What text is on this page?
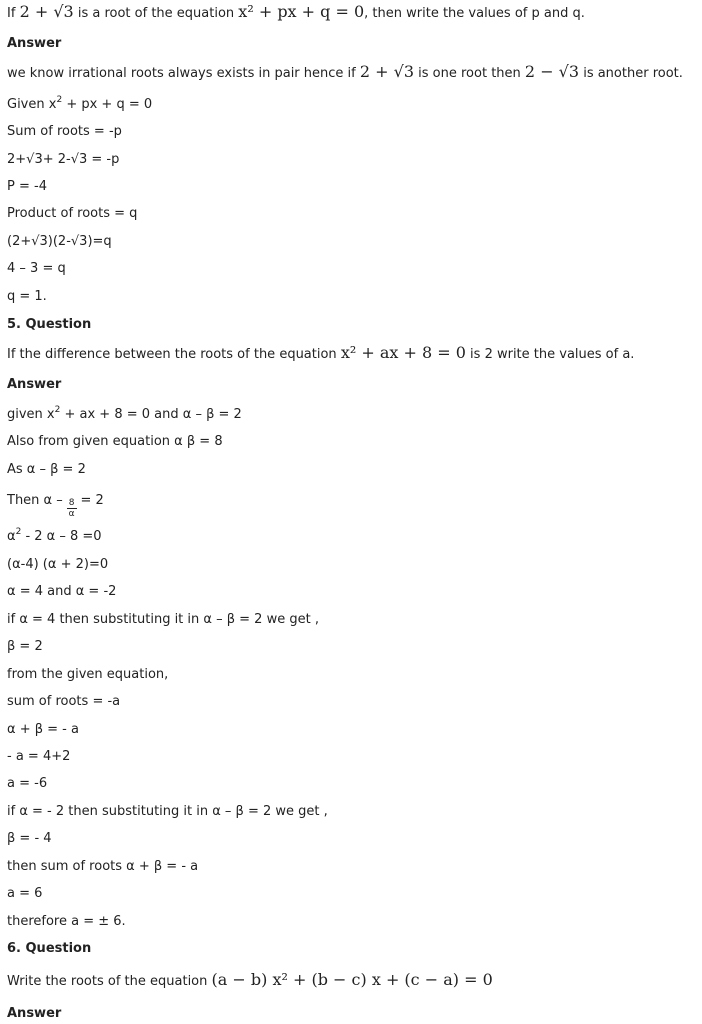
If 2 + √3 is a root of the equation x² + px + q = 0, then write the values of p and q.
Answer
we know irrational roots always exists in pair hence if 2 + √3 is one root then 2 − √3 is another root.
Given $x^2$ + px + q = 0
Sum of roots = -p
2+√3+ 2-√3 = -p
P = -4
Product of roots = q
(2+√3)(2-√3)=q
4 – 3 = q
q = 1.
5. Question
If the difference between the roots of the equation x² + ax + 8 = 0 is 2 write the values of a.
Answer
given $x^2$ + ax + 8 = 0 and α – β = 2
Also from given equation α β = 8
As α – β = 2
Then $\alpha - \frac{8}{\alpha} = 2$
$\alpha^2 - 2$ α – 8 =0
(α-4) (α + 2)=0
α = 4 and α = -2
if α = 4 then substituting it in α – β = 2 we get ,
β = 2
from the given equation,
sum of roots = -a
α + β = - a
- a = 4+2
a = -6
if α = - 2 then substituting it in α – β = 2 we get ,
β = - 4
then sum of roots α + β = - a
a = 6
therefore a = ± 6.
6. Question
Write the roots of the equation (a − b) x² + (b − c) x + (c − a) = 0
Answer
